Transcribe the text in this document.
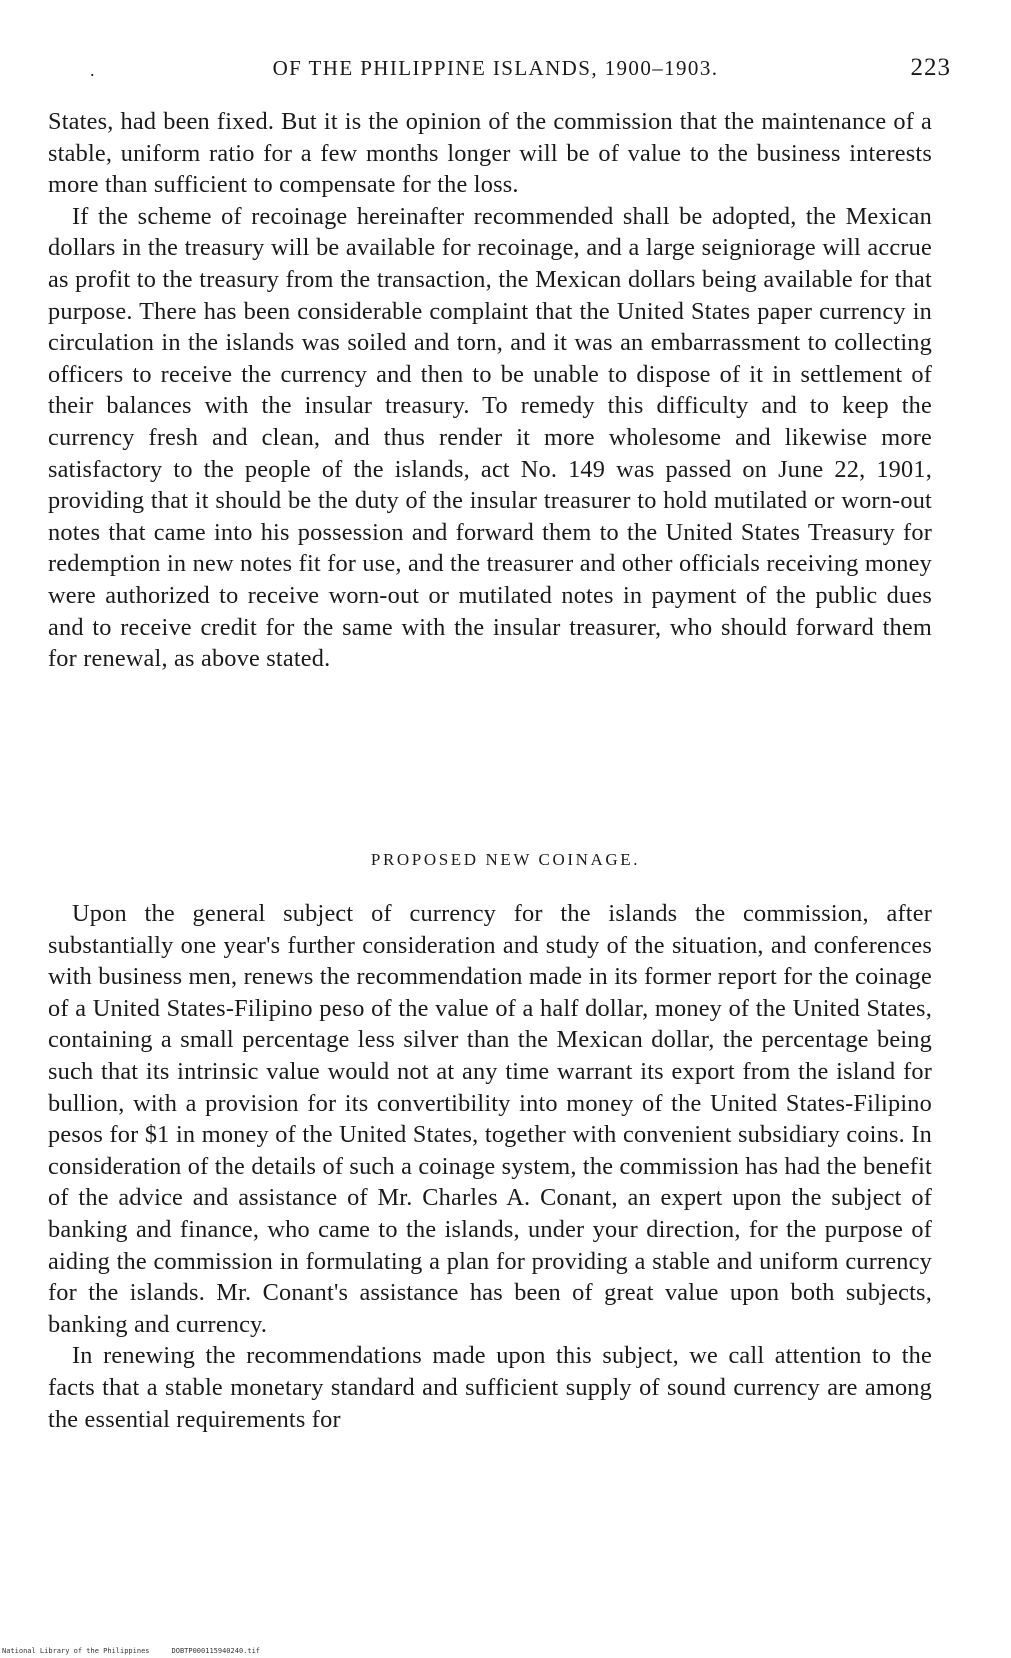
.	OF THE PHILIPPINE ISLANDS, 1900–1903.	223

States, had been fixed. But it is the opinion of the commission that the maintenance of a stable, uniform ratio for a few months longer will be of value to the business interests more than sufficient to compensate for the loss.

If the scheme of recoinage hereinafter recommended shall be adopted, the Mexican dollars in the treasury will be available for recoinage, and a large seigniorage will accrue as profit to the treasury from the transaction, the Mexican dollars being available for that purpose. There has been considerable complaint that the United States paper currency in circulation in the islands was soiled and torn, and it was an embarrassment to collecting officers to receive the currency and then to be unable to dispose of it in settlement of their balances with the insular treasury. To remedy this difficulty and to keep the currency fresh and clean, and thus render it more wholesome and likewise more satisfactory to the people of the islands, act No. 149 was passed on June 22, 1901, providing that it should be the duty of the insular treasurer to hold mutilated or worn-out notes that came into his possession and forward them to the United States Treasury for redemption in new notes fit for use, and the treasurer and other officials receiving money were authorized to receive worn-out or mutilated notes in payment of the public dues and to receive credit for the same with the insular treasurer, who should forward them for renewal, as above stated.

PROPOSED NEW COINAGE.

Upon the general subject of currency for the islands the commission, after substantially one year's further consideration and study of the situation, and conferences with business men, renews the recommendation made in its former report for the coinage of a United States-Filipino peso of the value of a half dollar, money of the United States, containing a small percentage less silver than the Mexican dollar, the percentage being such that its intrinsic value would not at any time warrant its export from the island for bullion, with a provision for its convertibility into money of the United States-Filipino pesos for $1 in money of the United States, together with convenient subsidiary coins. In consideration of the details of such a coinage system, the commission has had the benefit of the advice and assistance of Mr. Charles A. Conant, an expert upon the subject of banking and finance, who came to the islands, under your direction, for the purpose of aiding the commission in formulating a plan for providing a stable and uniform currency for the islands. Mr. Conant's assistance has been of great value upon both subjects, banking and currency.

In renewing the recommendations made upon this subject, we call attention to the facts that a stable monetary standard and sufficient supply of sound currency are among the essential requirements for

National Library of the Philippines	DOBTP000115940240.tif
